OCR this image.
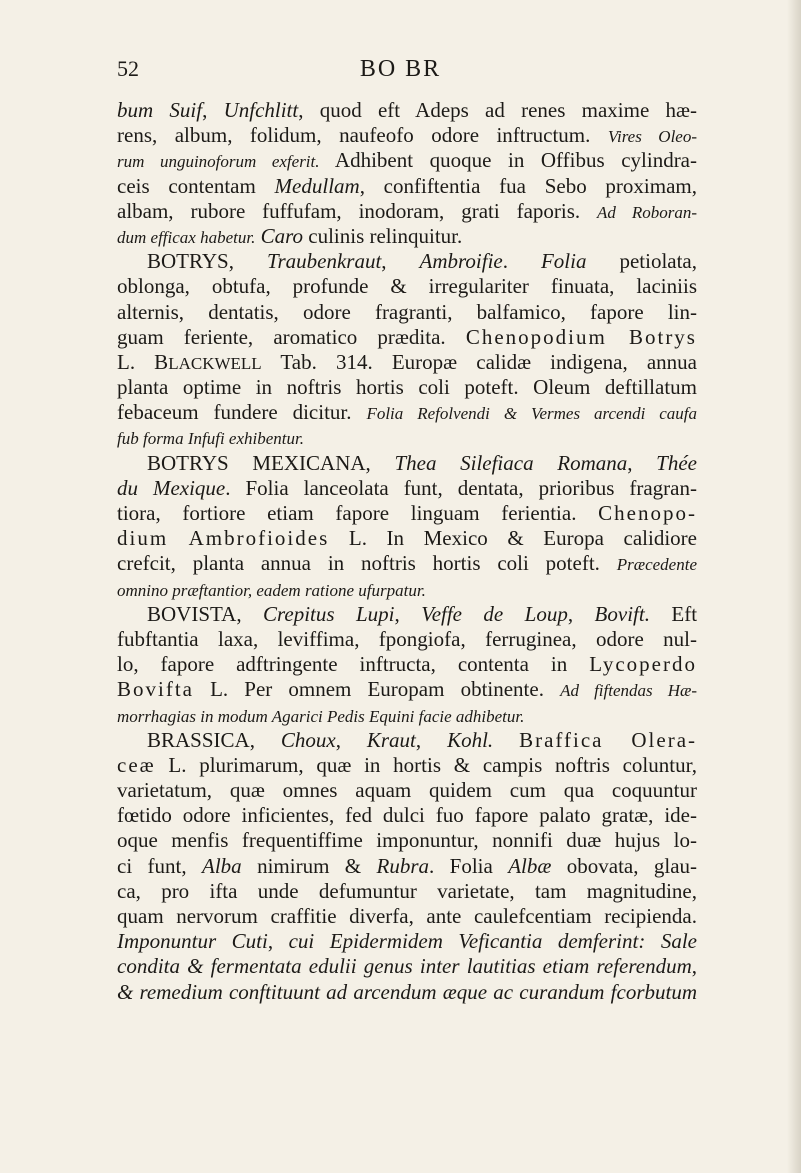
52	BO BR
bum Suif, Unfchlitt, quod eft Adeps ad renes maxime hæ-
rens, album, folidum, naufeofo odore inftructum. Vires Oleo-
rum unguinoforum exferit. Adhibent quoque in Offibus cylindra-
ceis contentam Medullam, confiftentia fua Sebo proximam,
albam, rubore fuffufam, inodoram, grati faporis. Ad Roboran-
dum efficax habetur. Caro culinis relinquitur.
BOTRYS, Traubenkraut, Ambroifie. Folia petiolata,
oblonga, obtufa, profunde & irregulariter finuata, laciniis
alternis, dentatis, odore fragranti, balfamico, fapore lin-
guam feriente, aromatico prædita. Chenopodium Botrys
L. BLACKWELL Tab. 314. Europæ calidæ indigena, annua
planta optime in noftris hortis coli poteft. Oleum deftillatum
febaceum fundere dicitur. Folia Refolvendi & Vermes arcendi caufa
fub forma Infufi exhibentur.
BOTRYS MEXICANA, Thea Silefiaca Romana, Thée
du Mexique. Folia lanceolata funt, dentata, prioribus fragran-
tiora, fortiore etiam fapore linguam ferientia. Chenopo-
dium Ambrofioides L. In Mexico & Europa calidiore
crefcit, planta annua in noftris hortis coli poteft. Præcedente
omnino præftantior, eadem ratione ufurpatur.
BOVISTA, Crepitus Lupi, Veffe de Loup, Bovift. Eft
fubftantia laxa, leviffima, fpongiofa, ferruginea, odore nul-
lo, fapore adftringente inftructa, contenta in Lycoperdo
Bovifta L. Per omnem Europam obtinente. Ad fiftendas Hæ-
morrhagias in modum Agarici Pedis Equini facie adhibetur.
BRASSICA, Choux, Kraut, Kohl. Braffica Olera-
ceæ L. plurimarum, quæ in hortis & campis noftris coluntur,
varietatum, quæ omnes aquam quidem cum qua coquuntur
fœtido odore inficientes, fed dulci fuo fapore palato gratæ, ide-
oque menfis frequentiffime imponuntur, nonnifi duæ hujus lo-
ci funt, Alba nimirum & Rubra. Folia Albæ obovata, glau-
ca, pro ifta unde defumuntur varietate, tam magnitudine,
quam nervorum craffitie diverfa, ante caulefcentiam recipienda.
Imponuntur Cuti, cui Epidermidem Veficantia demferint: Sale
condita & fermentata edulii genus inter lautitias etiam referendum,
& remedium conftituunt ad arcendum æque ac curandum fcorbutum
